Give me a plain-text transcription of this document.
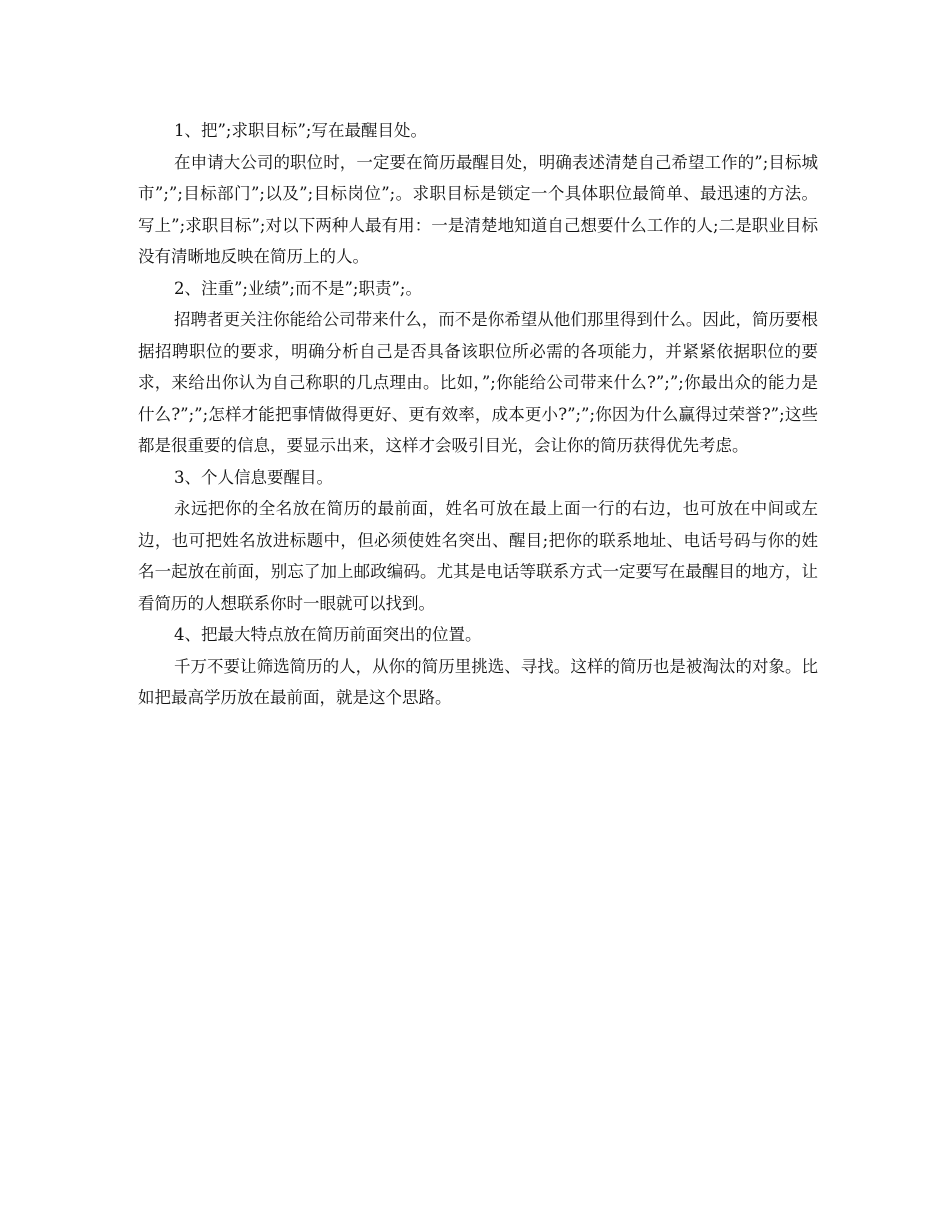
1、把”;求职目标”;写在最醒目处。

在申请大公司的职位时，一定要在简历最醒目处，明确表述清楚自己希望工作的”;目标城市”;”;目标部门”;以及”;目标岗位”;。求职目标是锁定一个具体职位最简单、最迅速的方法。写上”;求职目标”;对以下两种人最有用：一是清楚地知道自己想要什么工作的人;二是职业目标没有清晰地反映在简历上的人。

2、注重”;业绩”;而不是”;职责”;。

招聘者更关注你能给公司带来什么，而不是你希望从他们那里得到什么。因此，简历要根据招聘职位的要求，明确分析自己是否具备该职位所必需的各项能力，并紧紧依据职位的要求，来给出你认为自己称职的几点理由。比如，”;你能给公司带来什么?”;”;你最出众的能力是什么?”;”;怎样才能把事情做得更好、更有效率，成本更小?”;”;你因为什么赢得过荣誉?”;这些都是很重要的信息，要显示出来，这样才会吸引目光，会让你的简历获得优先考虑。

3、个人信息要醒目。

永远把你的全名放在简历的最前面，姓名可放在最上面一行的右边，也可放在中间或左边，也可把姓名放进标题中，但必须使姓名突出、醒目;把你的联系地址、电话号码与你的姓名一起放在前面，别忘了加上邮政编码。尤其是电话等联系方式一定要写在最醒目的地方，让看简历的人想联系你时一眼就可以找到。

4、把最大特点放在简历前面突出的位置。

千万不要让筛选简历的人，从你的简历里挑选、寻找。这样的简历也是被淘汰的对象。比如把最高学历放在最前面，就是这个思路。
